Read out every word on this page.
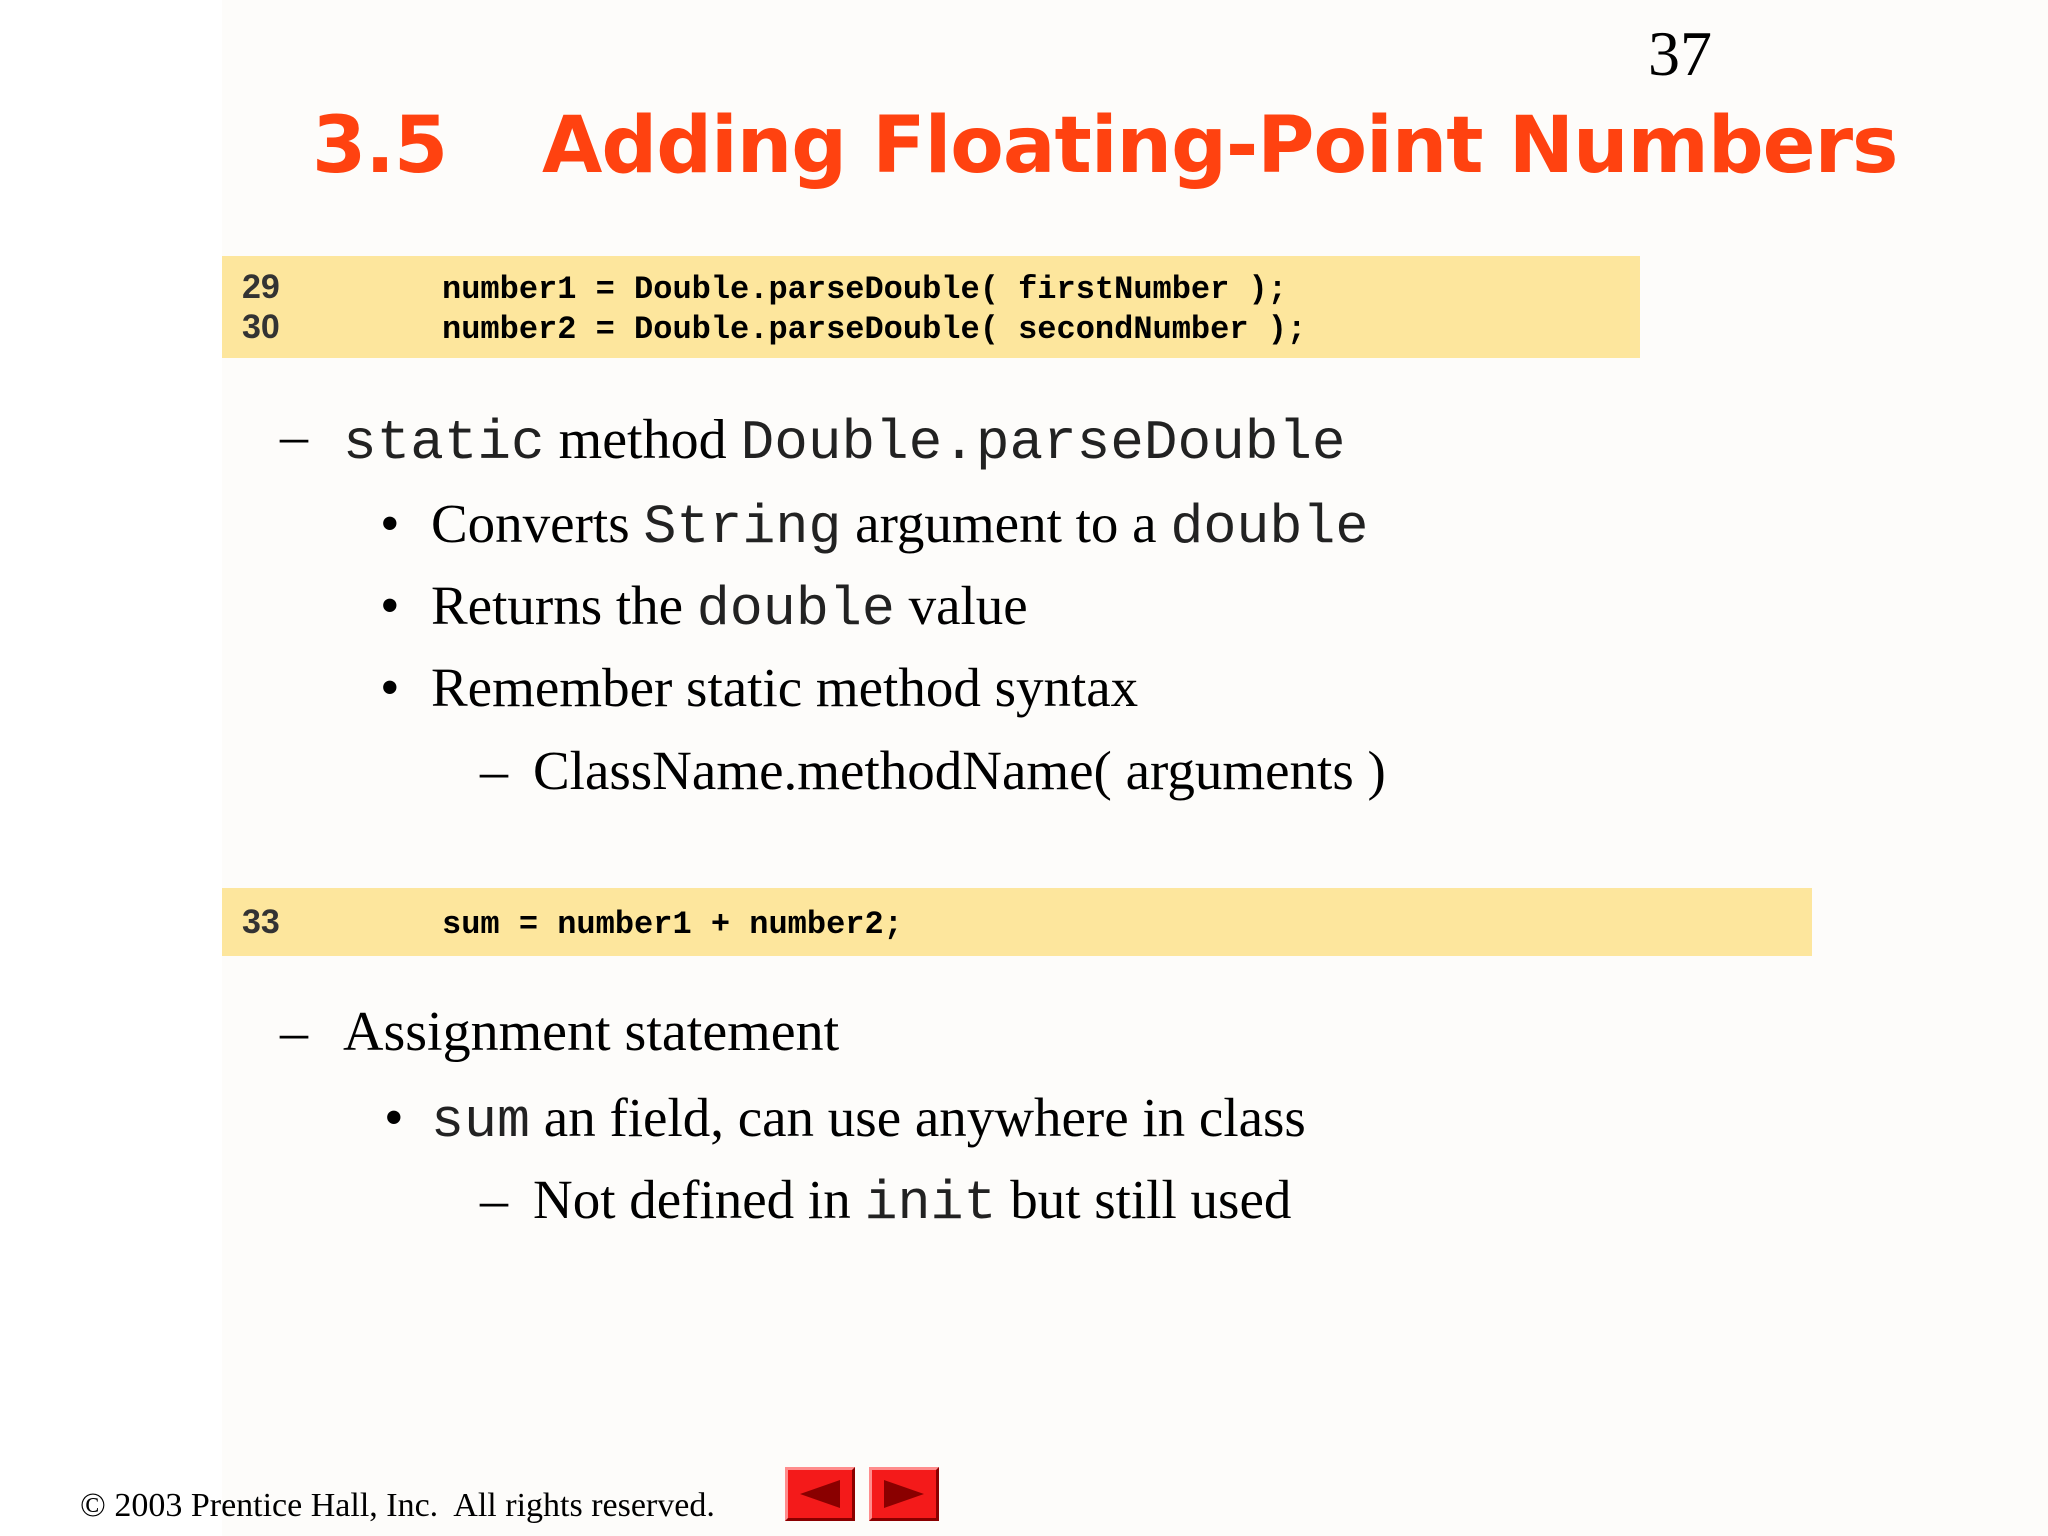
37
3.5	Adding Floating-Point Numbers
29	number1 = Double.parseDouble( firstNumber );
30	number2 = Double.parseDouble( secondNumber );
– static method Double.parseDouble
• Converts String argument to a double
• Returns the double value
• Remember static method syntax
– ClassName.methodName( arguments )
33	sum = number1 + number2;
– Assignment statement
• sum an field, can use anywhere in class
– Not defined in init but still used
© 2003 Prentice Hall, Inc.  All rights reserved.
